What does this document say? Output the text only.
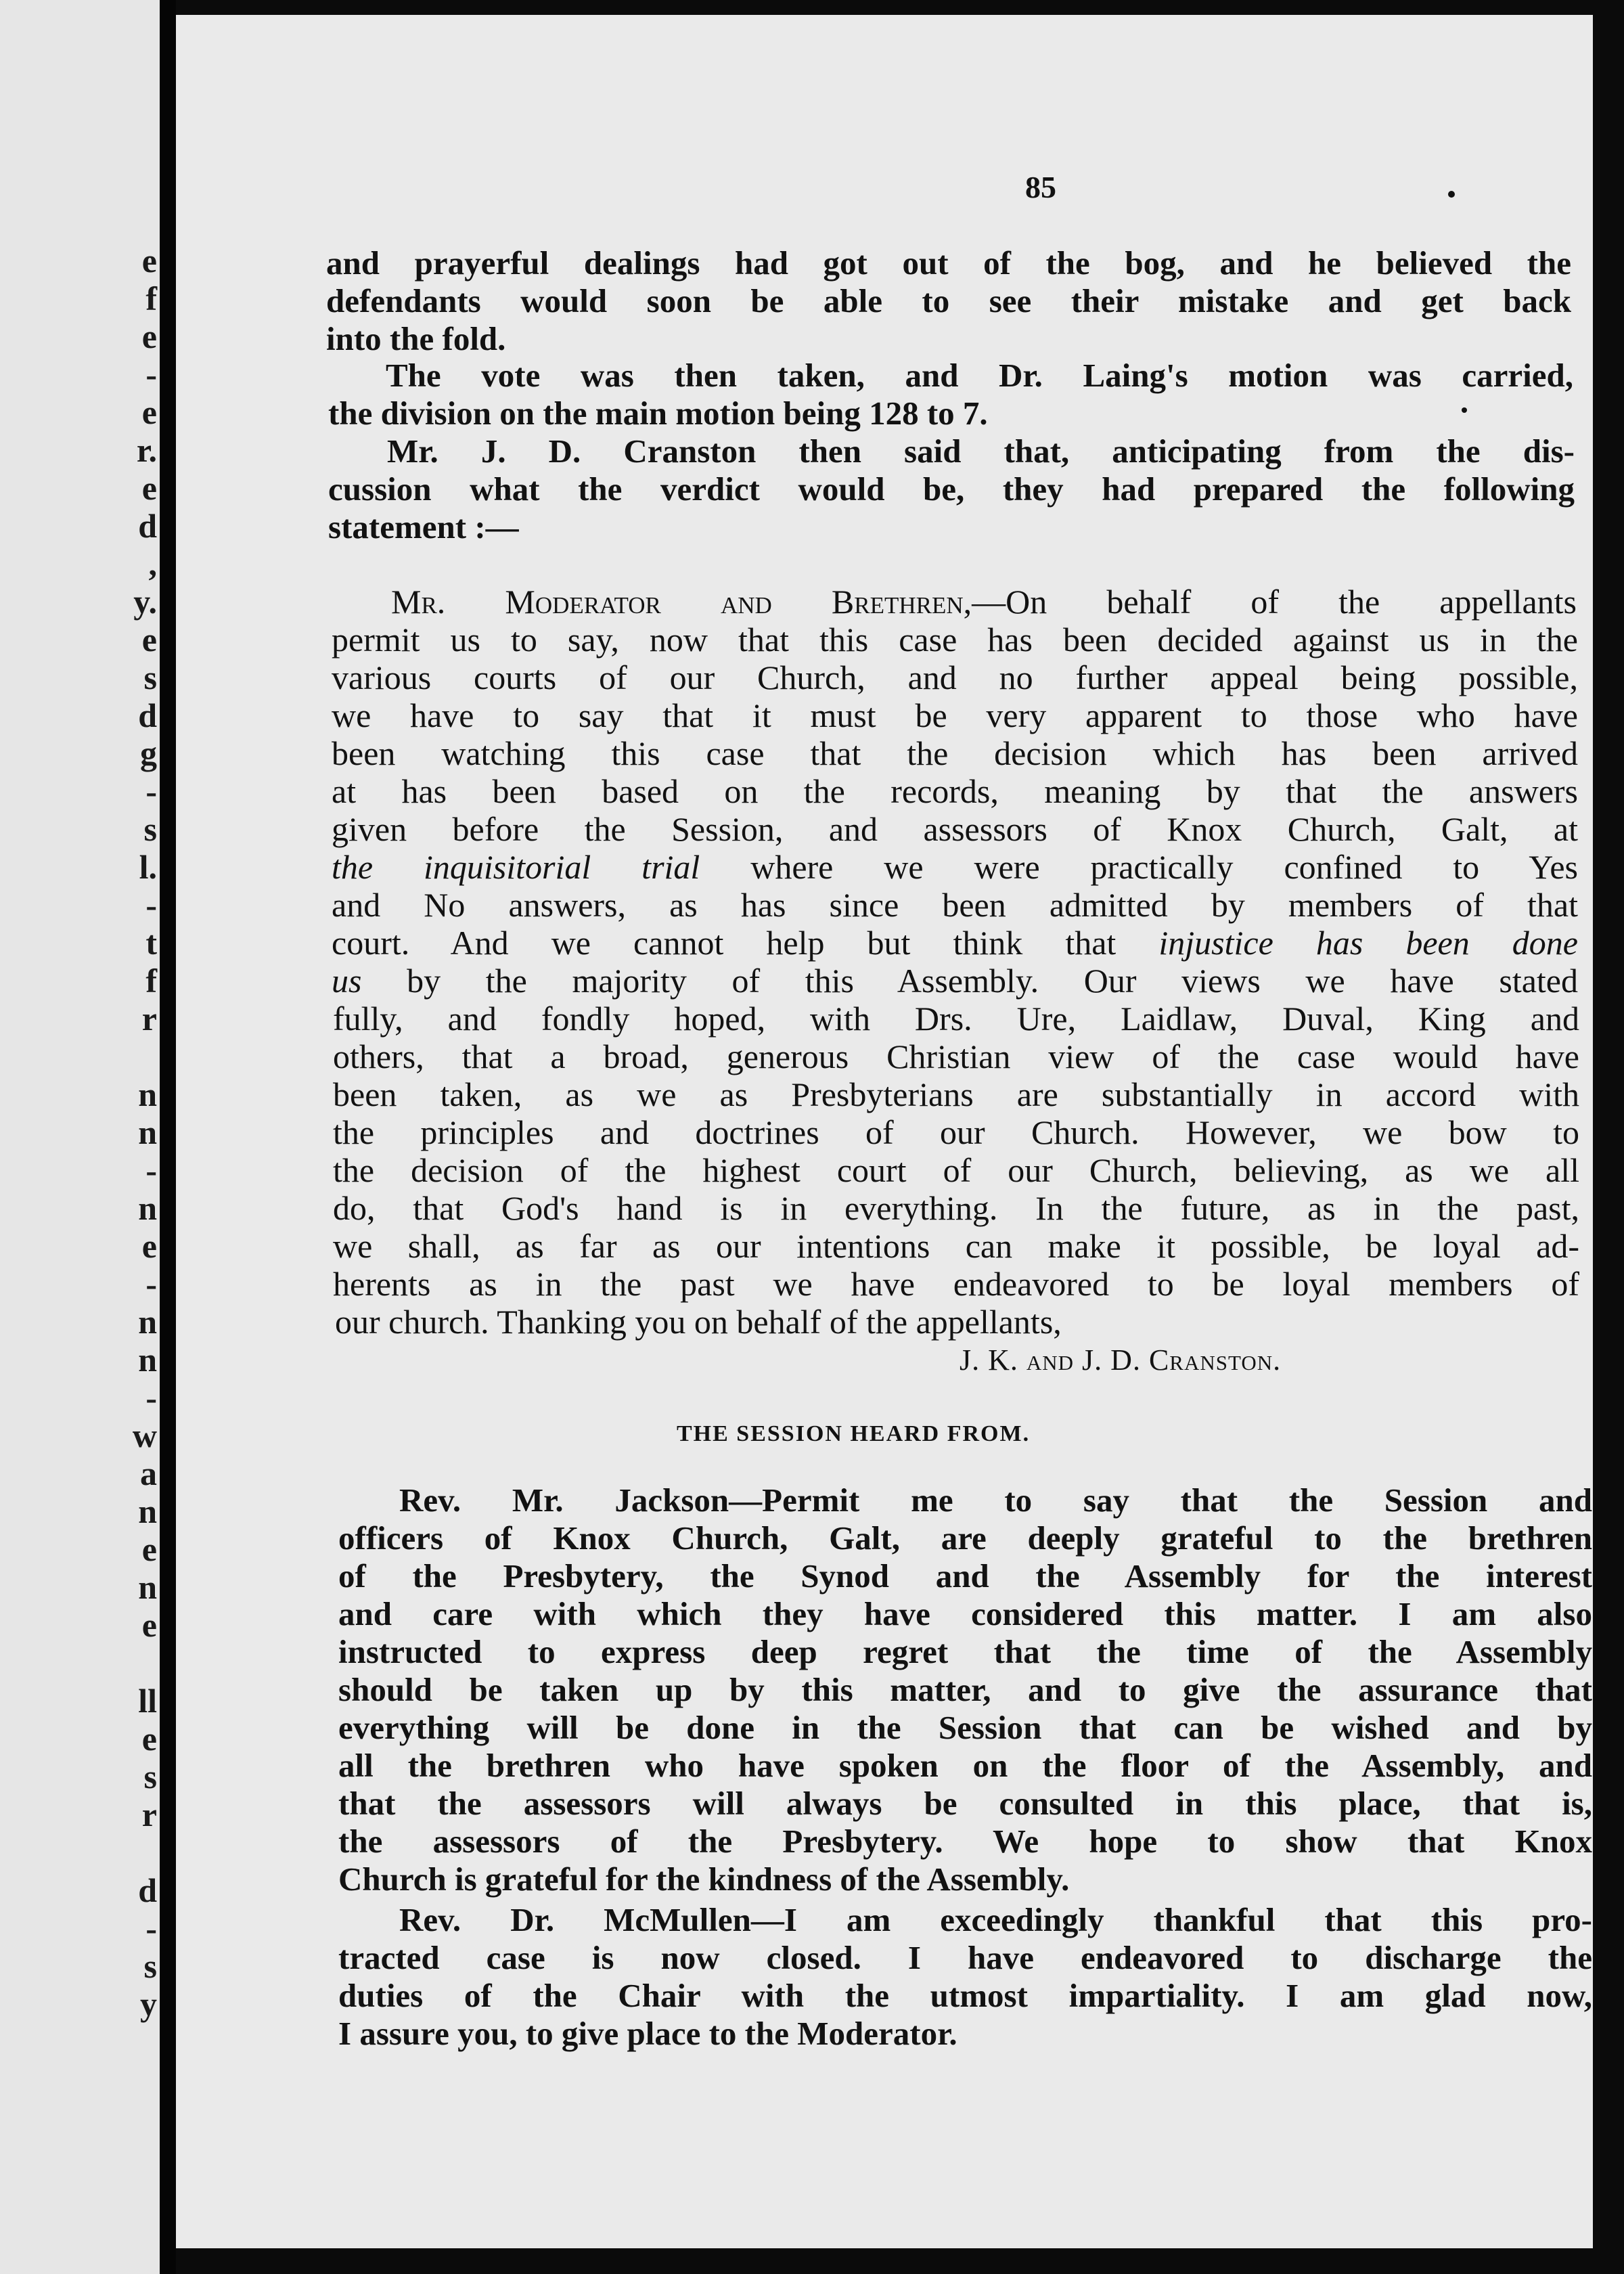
e
f
e
-
e
r.
e
d
,
y.
e
s
d
g
-
s
l.
-
t
f
r
n
n
-
n
e
-
n
n
-
w
a
n
e
n
e
ll
e
s
r
d
-
s
y
85
and prayerful dealings had got out of the bog, and he believed the
defendants would soon be able to see their mistake and get back
into the fold.
The vote was then taken, and Dr. Laing's motion was carried,
the division on the main motion being 128 to 7.
Mr. J. D. Cranston then said that, anticipating from the dis-
cussion what the verdict would be, they had prepared the following
statement :—
Mr. Moderator and Brethren,—On behalf of the appellants
permit us to say, now that this case has been decided against us in the
various courts of our Church, and no further appeal being possible,
we have to say that it must be very apparent to those who have
been watching this case that the decision which has been arrived
at has been based on the records, meaning by that the answers
given before the Session, and assessors of Knox Church, Galt, at
the inquisitorial trial where we were practically confined to Yes
and No answers, as has since been admitted by members of that
court. And we cannot help but think that injustice has been done
us by the majority of this Assembly. Our views we have stated
fully, and fondly hoped, with Drs. Ure, Laidlaw, Duval, King and
others, that a broad, generous Christian view of the case would have
been taken, as we as Presbyterians are substantially in accord with
the principles and doctrines of our Church. However, we bow to
the decision of the highest court of our Church, believing, as we all
do, that God's hand is in everything. In the future, as in the past,
we shall, as far as our intentions can make it possible, be loyal ad-
herents as in the past we have endeavored to be loyal members of
our church. Thanking you on behalf of the appellants,
J. K. and J. D. Cranston.
THE SESSION HEARD FROM.
Rev. Mr. Jackson—Permit me to say that the Session and
officers of Knox Church, Galt, are deeply grateful to the brethren
of the Presbytery, the Synod and the Assembly for the interest
and care with which they have considered this matter. I am also
instructed to express deep regret that the time of the Assembly
should be taken up by this matter, and to give the assurance that
everything will be done in the Session that can be wished and by
all the brethren who have spoken on the floor of the Assembly, and
that the assessors will always be consulted in this place, that is,
the assessors of the Presbytery. We hope to show that Knox
Church is grateful for the kindness of the Assembly.
Rev. Dr. McMullen—I am exceedingly thankful that this pro-
tracted case is now closed. I have endeavored to discharge the
duties of the Chair with the utmost impartiality. I am glad now,
I assure you, to give place to the Moderator.
